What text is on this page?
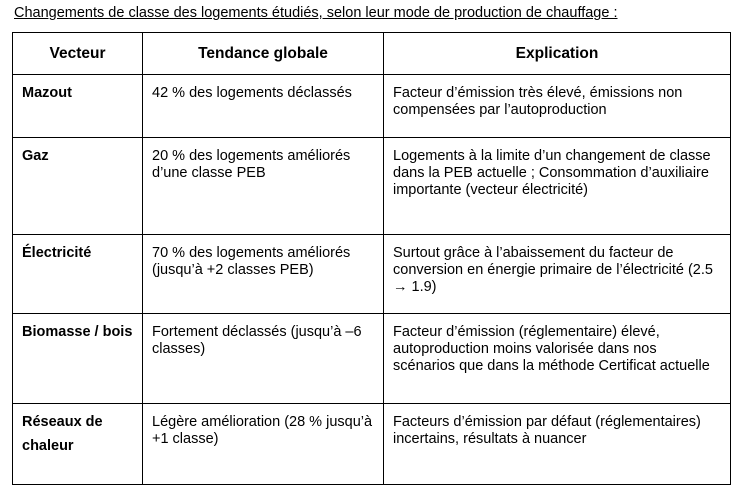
Changements de classe des logements étudiés, selon leur mode de production de chauffage :
Vecteur	Tendance globale	Explication
Mazout	42 % des logements déclassés	Facteur d’émission très élevé, émissions non compensées par l’autoproduction
Gaz	20 % des logements améliorés d’une classe PEB	Logements à la limite d’un changement de classe dans la PEB actuelle ; Consommation d’auxiliaire importante (vecteur électricité)
Électricité	70 % des logements améliorés (jusqu’à +2 classes PEB)	Surtout grâce à l’abaissement du facteur de conversion en énergie primaire de l’électricité (2.5 → 1.9)
Biomasse / bois	Fortement déclassés (jusqu’à –6 classes)	Facteur d’émission (réglementaire) élevé, autoproduction moins valorisée dans nos scénarios que dans la méthode Certificat actuelle
Réseaux de chaleur	Légère amélioration (28 % jusqu’à +1 classe)	Facteurs d’émission par défaut (réglementaires) incertains, résultats à nuancer
